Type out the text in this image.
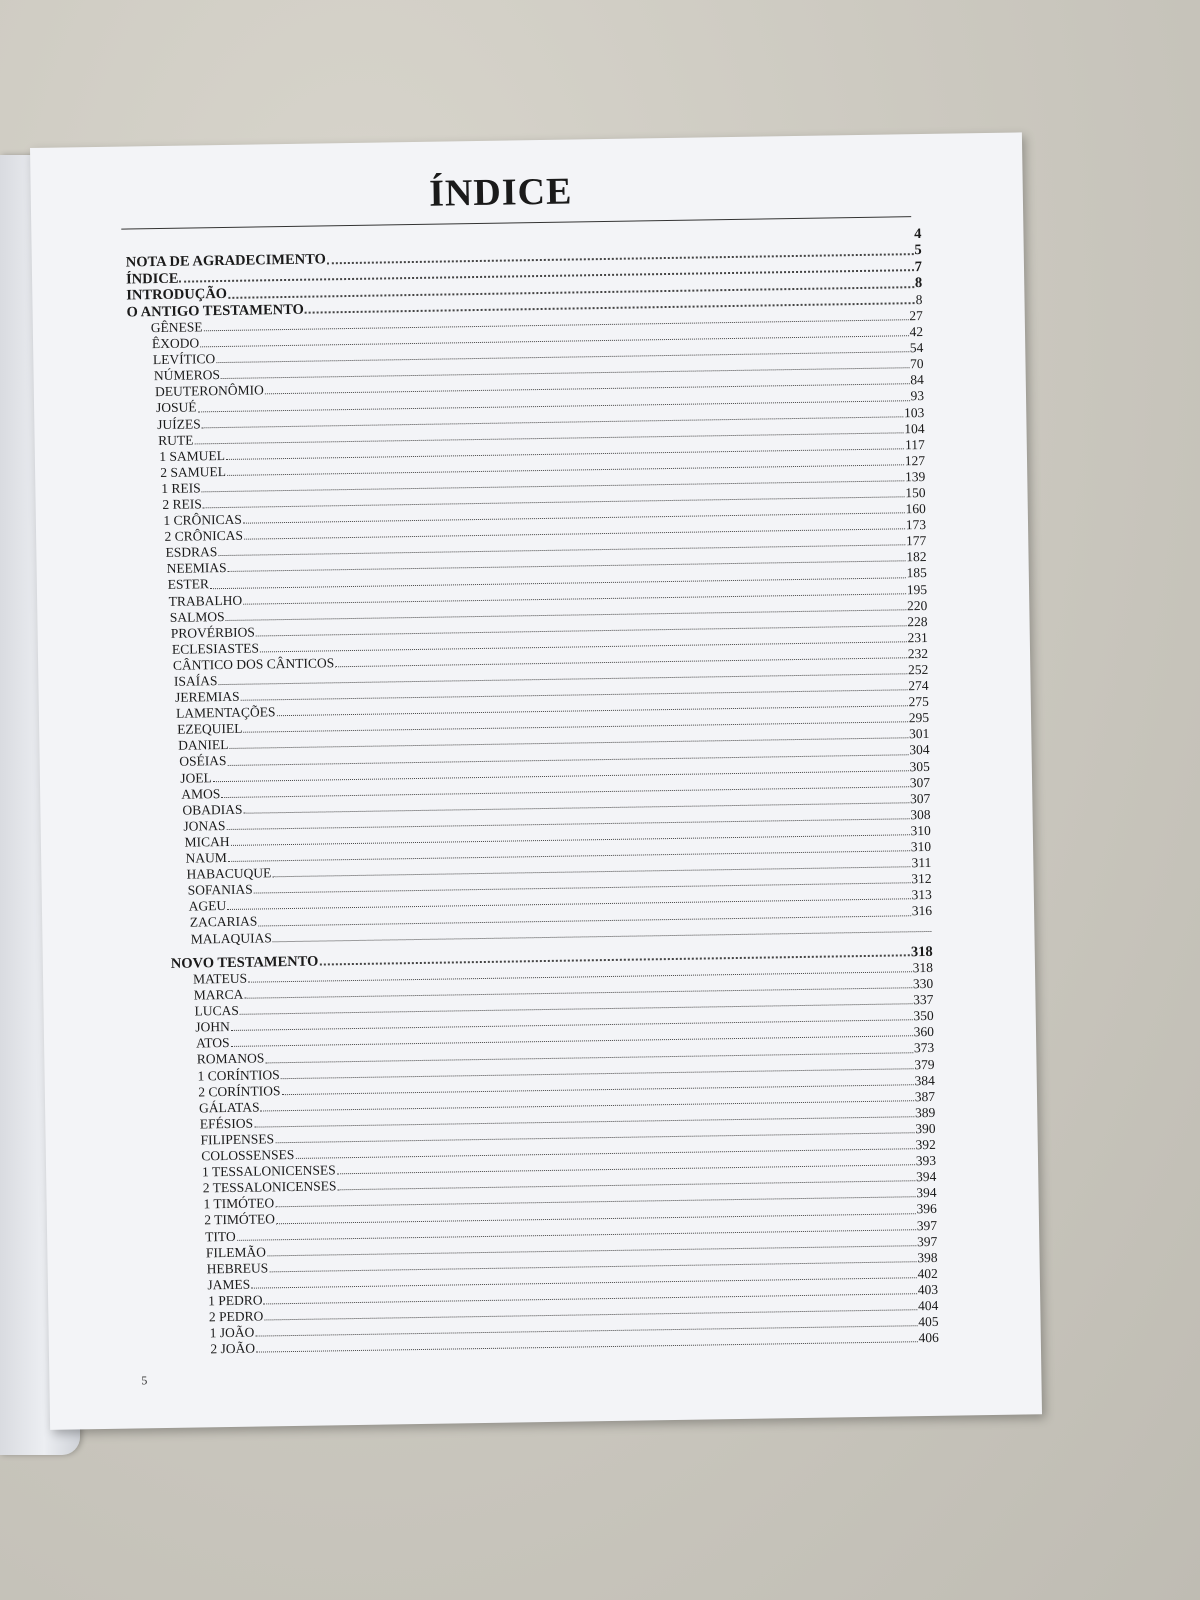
ÍNDICE
4
NOTA DE AGRADECIMENTO
5
ÍNDICE
7
INTRODUÇÃO
8
O ANTIGO TESTAMENTO
8
GÊNESE
27
ÊXODO
42
LEVÍTICO
54
NÚMEROS
70
DEUTERONÔMIO
84
JOSUÉ
93
JUÍZES
103
RUTE
104
1 SAMUEL
117
2 SAMUEL
127
1 REIS
139
2 REIS
150
1 CRÔNICAS
160
2 CRÔNICAS
173
ESDRAS
177
NEEMIAS
182
ESTER
185
TRABALHO
195
SALMOS
220
PROVÉRBIOS
228
ECLESIASTES
231
CÂNTICO DOS CÂNTICOS
232
ISAÍAS
252
JEREMIAS
274
LAMENTAÇÕES
275
EZEQUIEL
295
DANIEL
301
OSÉIAS
304
JOEL
305
AMOS
307
OBADIAS
307
JONAS
308
MICAH
310
NAUM
310
HABACUQUE
311
SOFANIAS
312
AGEU
313
ZACARIAS
316
MALAQUIAS
NOVO TESTAMENTO
318
MATEUS
318
MARCA
330
LUCAS
337
JOHN
350
ATOS
360
ROMANOS
373
1 CORÍNTIOS
379
2 CORÍNTIOS
384
GÁLATAS
387
EFÉSIOS
389
FILIPENSES
390
COLOSSENSES
392
1 TESSALONICENSES
393
2 TESSALONICENSES
394
1 TIMÓTEO
394
2 TIMÓTEO
396
TITO
397
FILEMÃO
397
HEBREUS
398
JAMES
402
1 PEDRO
403
2 PEDRO
404
1 JOÃO
405
2 JOÃO
406
5
